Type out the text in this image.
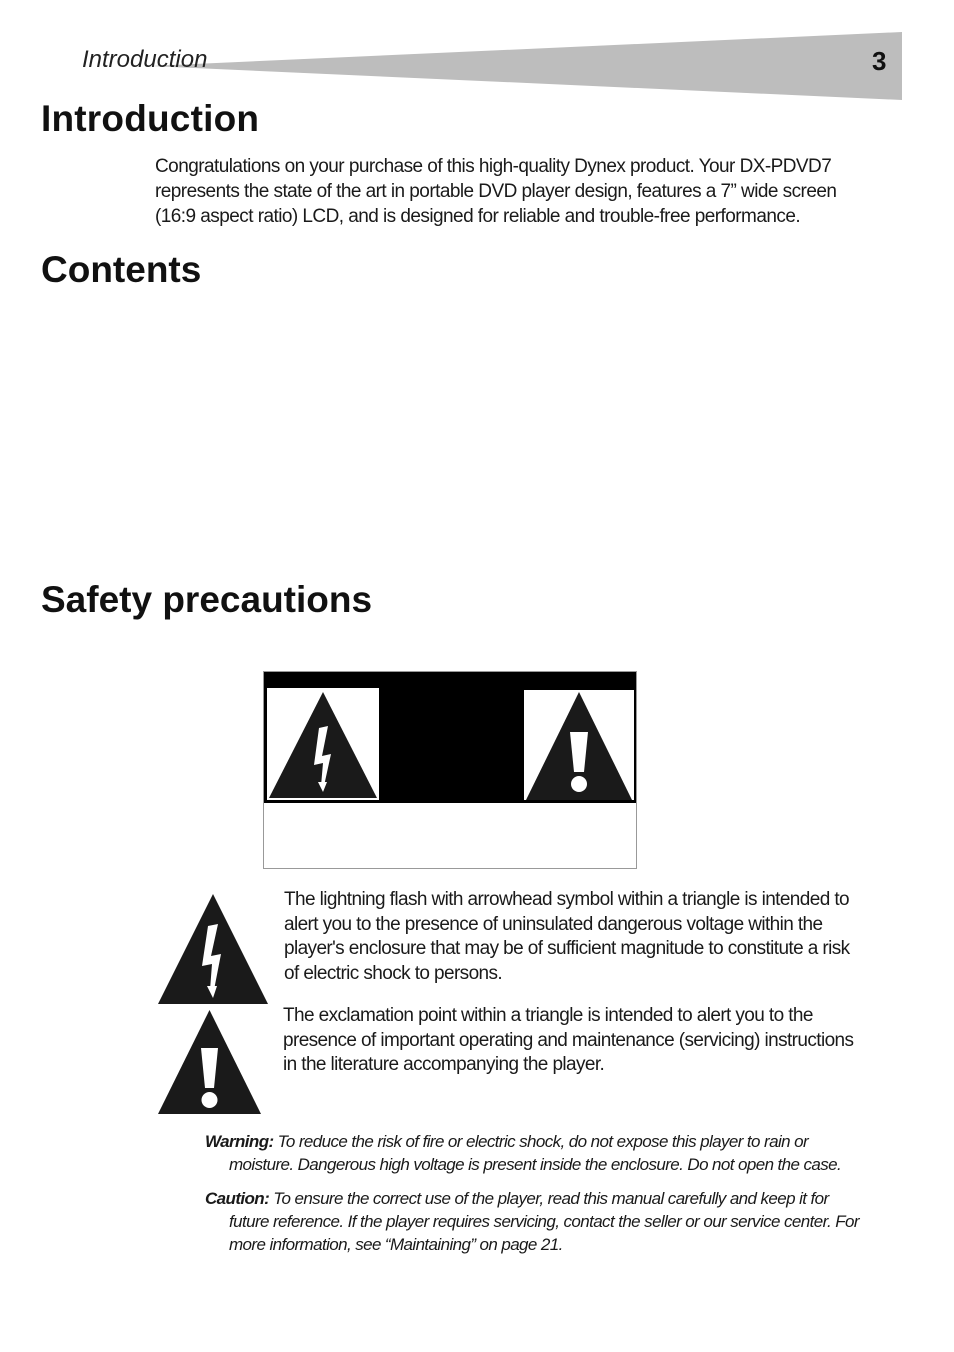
Introduction	3
Introduction

Congratulations on your purchase of this high-quality Dynex product. Your DX-PDVD7 represents the state of the art in portable DVD player design, features a 7” wide screen (16:9 aspect ratio) LCD, and is designed for reliable and trouble-free performance.

Contents
Safety precautions
The lightning flash with arrowhead symbol within a triangle is intended to alert you to the presence of uninsulated dangerous voltage within the player's enclosure that may be of sufficient magnitude to constitute a risk of electric shock to persons.
The exclamation point within a triangle is intended to alert you to the presence of important operating and maintenance (servicing) instructions in the literature accompanying the player.
Warning: To reduce the risk of fire or electric shock, do not expose this player to rain or moisture. Dangerous high voltage is present inside the enclosure. Do not open the case.
Caution: To ensure the correct use of the player, read this manual carefully and keep it for future reference. If the player requires servicing, contact the seller or our service center. For more information, see “Maintaining” on page 21.
